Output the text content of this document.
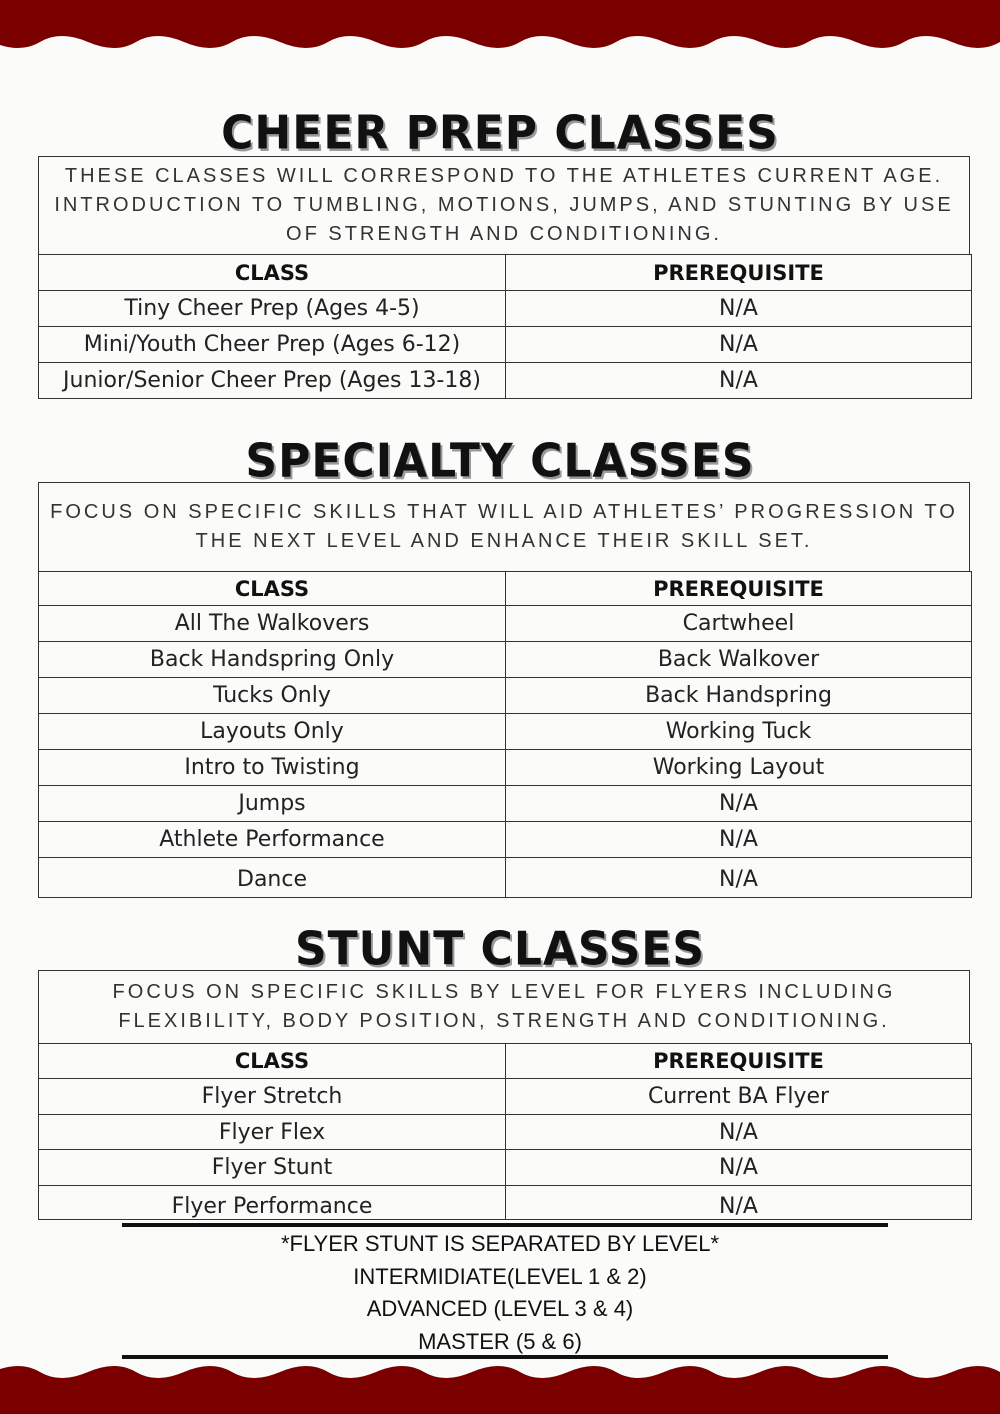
CHEER PREP CLASSES
THESE CLASSES WILL CORRESPOND TO THE ATHLETES CURRENT AGE. INTRODUCTION TO TUMBLING, MOTIONS, JUMPS, AND STUNTING BY USE OF STRENGTH AND CONDITIONING.
CLASS	PREREQUISITE
Tiny Cheer Prep (Ages 4-5)	N/A
Mini/Youth Cheer Prep (Ages 6-12)	N/A
Junior/Senior Cheer Prep (Ages 13-18)	N/A
SPECIALTY CLASSES
FOCUS ON SPECIFIC SKILLS THAT WILL AID ATHLETES’ PROGRESSION TO THE NEXT LEVEL AND ENHANCE THEIR SKILL SET.
CLASS	PREREQUISITE
All The Walkovers	Cartwheel
Back Handspring Only	Back Walkover
Tucks Only	Back Handspring
Layouts Only	Working Tuck
Intro to Twisting	Working Layout
Jumps	N/A
Athlete Performance	N/A
Dance	N/A
STUNT CLASSES
FOCUS ON SPECIFIC SKILLS BY LEVEL FOR FLYERS INCLUDING FLEXIBILITY, BODY POSITION, STRENGTH AND CONDITIONING.
CLASS	PREREQUISITE
Flyer Stretch	Current BA Flyer
Flyer Flex	N/A
Flyer Stunt	N/A
Flyer Performance	N/A
*FLYER STUNT IS SEPARATED BY LEVEL*
INTERMIDIATE(LEVEL 1 & 2)
ADVANCED (LEVEL 3 & 4)
MASTER (5 & 6)
